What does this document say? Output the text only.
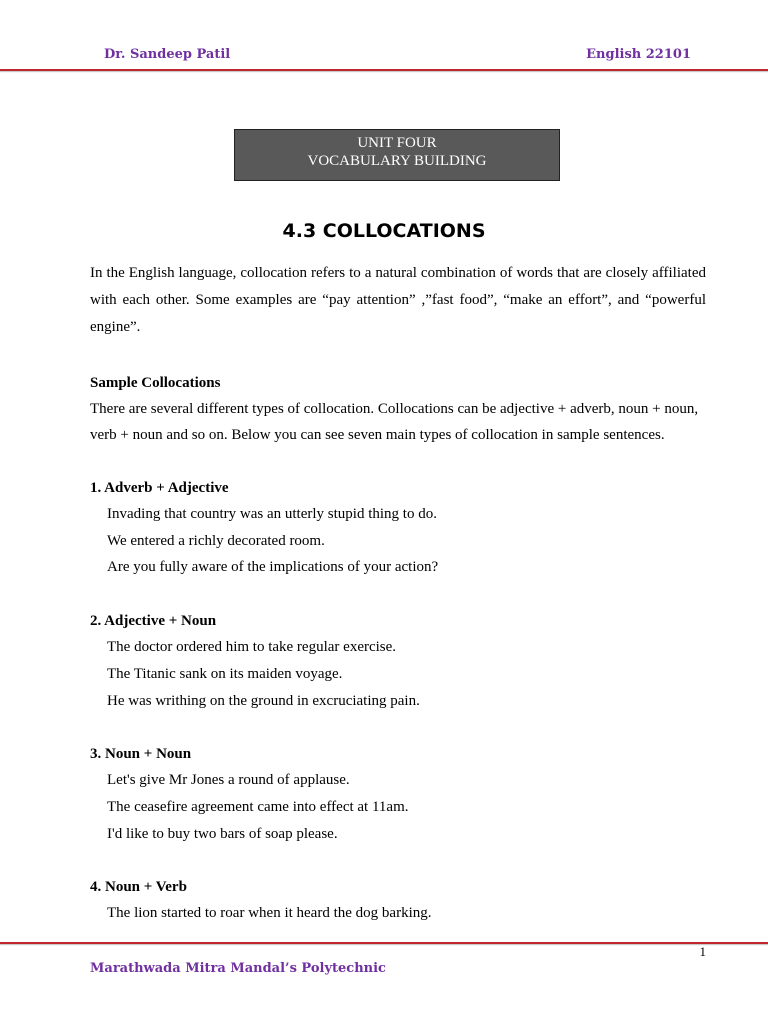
Dr. Sandeep Patil	English 22101
UNIT FOUR
VOCABULARY BUILDING
4.3 COLLOCATIONS

In the English language, collocation refers to a natural combination of words that are closely affiliated with each other. Some examples are “pay attention” ,”fast food”, “make an effort”, and “powerful engine”.

Sample Collocations

There are several different types of collocation. Collocations can be adjective + adverb, noun + noun, verb + noun and so on. Below you can see seven main types of collocation in sample sentences.

1. Adverb + Adjective
Invading that country was an utterly stupid thing to do.
We entered a richly decorated room.
Are you fully aware of the implications of your action?
2. Adjective + Noun
The doctor ordered him to take regular exercise.
The Titanic sank on its maiden voyage.
He was writhing on the ground in excruciating pain.
3. Noun + Noun
Let's give Mr Jones a round of applause.
The ceasefire agreement came into effect at 11am.
I'd like to buy two bars of soap please.
4. Noun + Verb
The lion started to roar when it heard the dog barking.
1
Marathwada Mitra Mandal’s Polytechnic
